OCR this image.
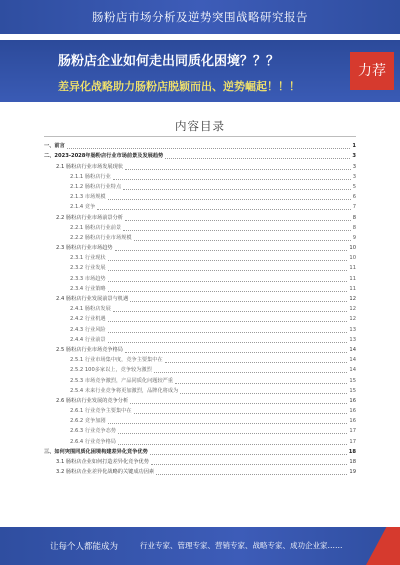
肠粉店市场分析及逆势突围战略研究报告
肠粉店企业如何走出同质化困境？？？
差异化战略助力肠粉店脱颖而出、逆势崛起！！！
力荐
内容目录
一、前言	1
二、2023-2028年肠粉店行业市场前景及发展趋势	3
2.1 肠粉店行业市场发展现状	3
2.1.1 肠粉店行业	3
2.1.2 肠粉店行业特点	5
2.1.3 市场规模	6
2.1.4 竞争	7
2.2 肠粉店行业市场前景分析	8
2.2.1 肠粉店行业前景	8
2.2.2 肠粉店行业市场规模	9
2.3 肠粉店行业市场趋势	10
2.3.1 行业现状	10
2.3.2 行业发展	11
2.3.3 市场趋势	11
2.3.4 行业策略	11
2.4 肠粉店行业发展前景与机遇	12
2.4.1 肠粉店发展	12
2.4.2 行业机遇	12
2.4.3 行业风险	13
2.4.4 行业前景	13
2.5 肠粉店行业市场竞争格局	14
2.5.1 行业市场集中度，竞争主要集中在	14
2.5.2 100多家以上，竞争较为激烈	14
2.5.3 市场竞争激烈，产品同质化问题较严重	15
2.5.4 未来行业竞争将更加激烈，品牌化将成为	15
2.6 肠粉店行业发展的竞争分析	16
2.6.1 行业竞争主要集中在	16
2.6.2 竞争加剧	16
2.6.3 行业竞争态势	17
2.6.4 行业竞争格局	17
三、如何突围同质化困境构建差异化竞争优势	18
3.1 肠粉店企业如何打造差异化竞争优势	18
3.2 肠粉店企业差异化战略的关键成功因素	19
让每个人都能成为	行业专家、管理专家、营销专家、战略专家、成功企业家……
